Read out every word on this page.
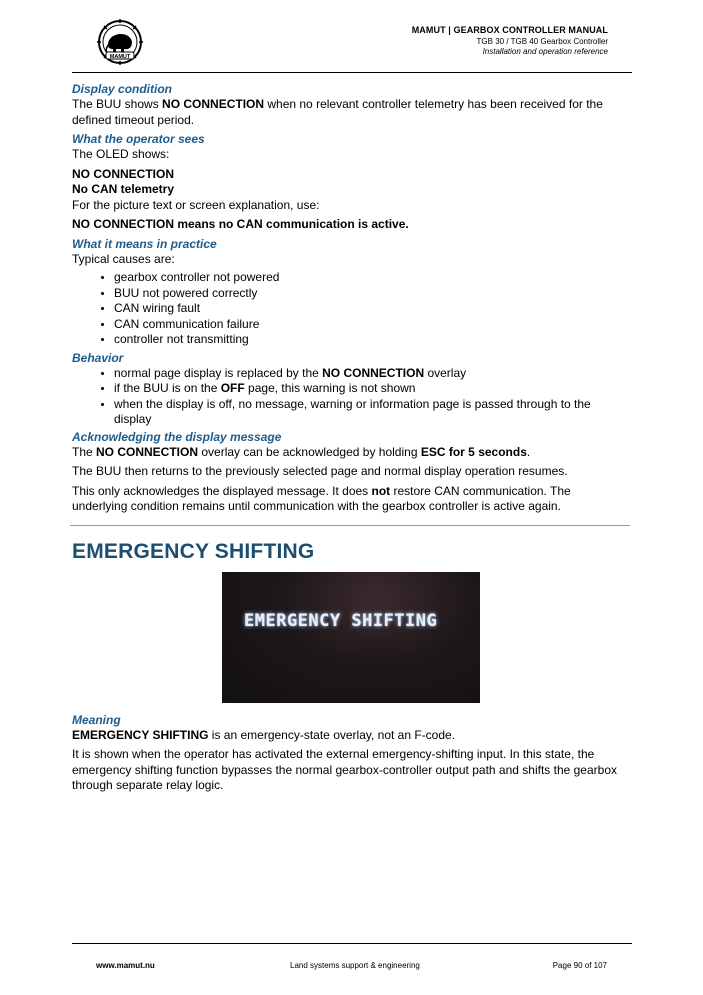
MAMUT
MAMUT | GEARBOX CONTROLLER MANUAL
TGB 30 / TGB 40 Gearbox Controller
Installation and operation reference

Display condition

The BUU shows NO CONNECTION when no relevant controller telemetry has been received for the defined timeout period.

What the operator sees

The OLED shows:

NO CONNECTION

No CAN telemetry

For the picture text or screen explanation, use:

NO CONNECTION means no CAN communication is active.

What it means in practice

Typical causes are:

• gearbox controller not powered
• BUU not powered correctly
• CAN wiring fault
• CAN communication failure
• controller not transmitting

Behavior

• normal page display is replaced by the NO CONNECTION overlay
• if the BUU is on the OFF page, this warning is not shown
• when the display is off, no message, warning or information page is passed through to the display

Acknowledging the display message

The NO CONNECTION overlay can be acknowledged by holding ESC for 5 seconds.

The BUU then returns to the previously selected page and normal display operation resumes.

This only acknowledges the displayed message. It does not restore CAN communication. The underlying condition remains until communication with the gearbox controller is active again.

EMERGENCY SHIFTING
EMERGENCY SHIFTING

Meaning

EMERGENCY SHIFTING is an emergency-state overlay, not an F-code.

It is shown when the operator has activated the external emergency-shifting input. In this state, the emergency shifting function bypasses the normal gearbox-controller output path and shifts the gearbox through separate relay logic.

www.mamut.nu	Land systems support & engineering	Page 90 of 107
